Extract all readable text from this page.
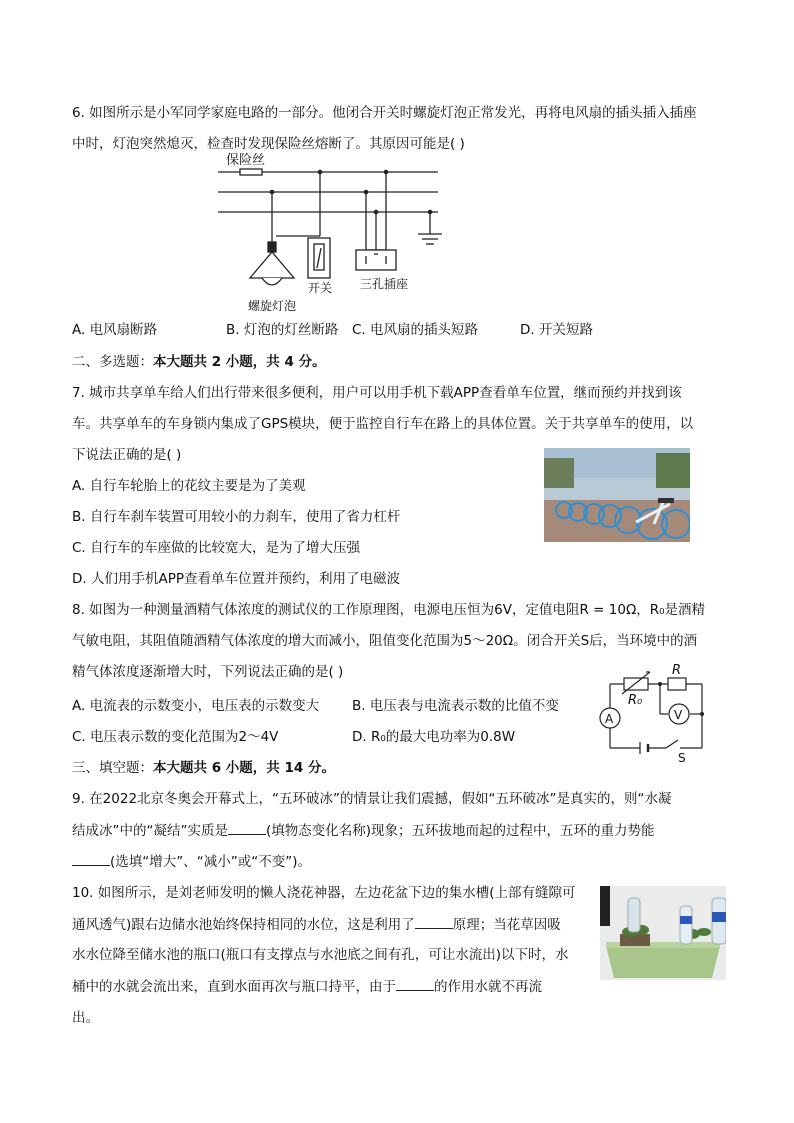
6. 如图所示是小军同学家庭电路的一部分。他闭合开关时螺旋灯泡正常发光，再将电风扇的插头插入插座
中时，灯泡突然熄灭，检查时发现保险丝熔断了。其原因可能是( )
保险丝
螺旋灯泡
开关 三孔插座
A. 电风扇断路	B. 灯泡的灯丝断路 C. 电风扇的插头短路	D. 开关短路
二、多选题：本大题共 2 小题，共 4 分。
7. 城市共享单车给人们出行带来很多便利，用户可以用手机下载APP查看单车位置，继而预约并找到该
车。共享单车的车身锁内集成了GPS模块，便于监控自行车在路上的具体位置。关于共享单车的使用，以
下说法正确的是( )
A. 自行车轮胎上的花纹主要是为了美观
B. 自行车刹车装置可用较小的力刹车，使用了省力杠杆
C. 自行车的车座做的比较宽大，是为了增大压强
D. 人们用手机APP查看单车位置并预约，利用了电磁波
8. 如图为一种测量酒精气体浓度的测试仪的工作原理图，电源电压恒为6V，定值电阻R = 10Ω，R₀是酒精
气敏电阻，其阻值随酒精气体浓度的增大而减小，阻值变化范围为5～20Ω。闭合开关S后，当环境中的酒
精气体浓度逐渐增大时，下列说法正确的是( )
R₀
R
A	V
S
A. 电流表的示数变小，电压表的示数变大 B. 电压表与电流表示数的比值不变
C. 电压表示数的变化范围为2～4V	D. R₀的最大电功率为0.8W
三、填空题：本大题共 6 小题，共 14 分。
9. 在2022北京冬奥会开幕式上，“五环破冰”的情景让我们震撼，假如“五环破冰”是真实的，则“水凝
结成冰”中的“凝结”实质是	(填物态变化名称)现象；五环拔地而起的过程中，五环的重力势能
(选填“增大”、“减小”或“不变”)。
10. 如图所示，是刘老师发明的懒人浇花神器，左边花盆下边的集水槽(上部有缝隙可
通风透气)跟右边储水池始终保持相同的水位，这是利用了	原理；当花草因吸
水水位降至储水池的瓶口(瓶口有支撑点与水池底之间有孔，可让水流出)以下时，水
桶中的水就会流出来，直到水面再次与瓶口持平，由于	的作用水就不再流
出。
